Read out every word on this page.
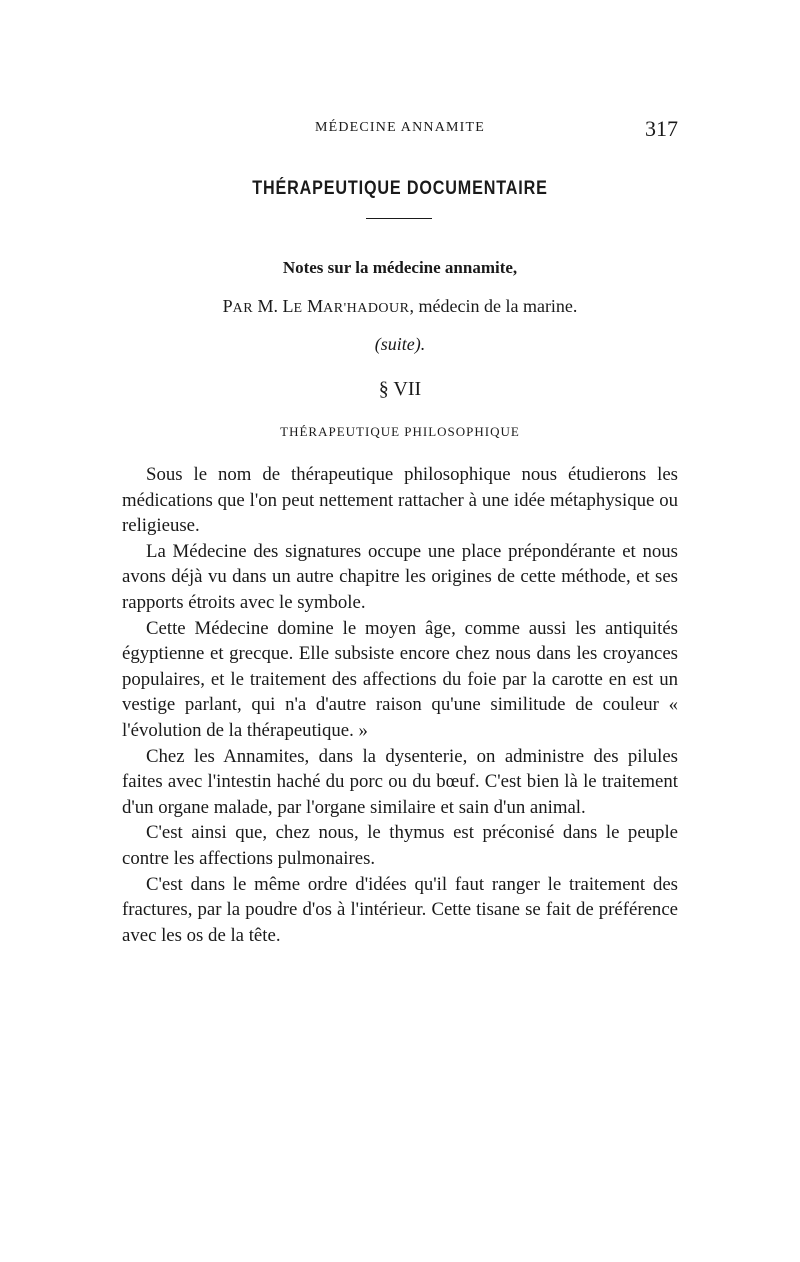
MÉDECINE ANNAMITE	317
THÉRAPEUTIQUE DOCUMENTAIRE
Notes sur la médecine annamite,
PAR M. LE MAR'HADOUR, médecin de la marine.
(suite).
§ VII
THÉRAPEUTIQUE PHILOSOPHIQUE

Sous le nom de thérapeutique philosophique nous étudierons les médications que l'on peut nettement rattacher à une idée métaphysique ou religieuse.

La Médecine des signatures occupe une place prépondérante et nous avons déjà vu dans un autre chapitre les origines de cette méthode, et ses rapports étroits avec le symbole.

Cette Médecine domine le moyen âge, comme aussi les antiquités égyptienne et grecque. Elle subsiste encore chez nous dans les croyances populaires, et le traitement des affections du foie par la carotte en est un vestige parlant, qui n'a d'autre raison qu'une similitude de couleur « l'évolution de la thérapeutique. »

Chez les Annamites, dans la dysenterie, on administre des pilules faites avec l'intestin haché du porc ou du bœuf. C'est bien là le traitement d'un organe malade, par l'organe similaire et sain d'un animal.

C'est ainsi que, chez nous, le thymus est préconisé dans le peuple contre les affections pulmonaires.

C'est dans le même ordre d'idées qu'il faut ranger le traitement des fractures, par la poudre d'os à l'intérieur. Cette tisane se fait de préférence avec les os de la tête.
